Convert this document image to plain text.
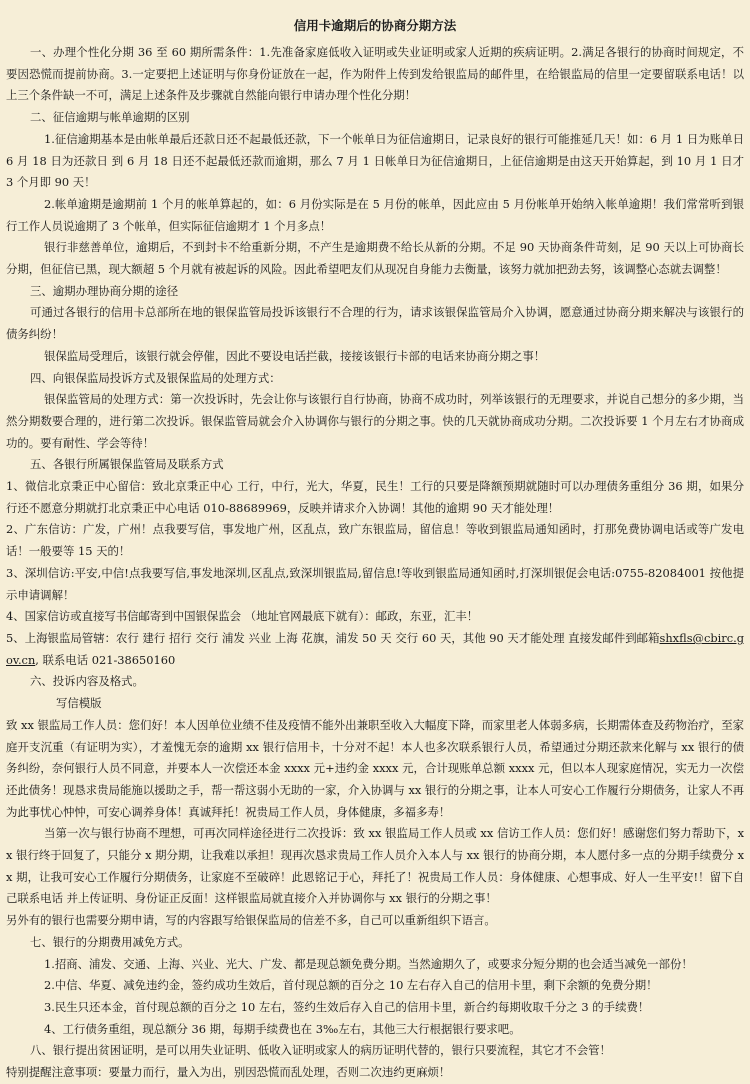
信用卡逾期后的协商分期方法

一、办理个性化分期 36 至 60 期所需条件：1.先准备家庭低收入证明或失业证明或家人近期的疾病证明。2.满足各银行的协商时间规定，不要因恐慌而提前协商。3.一定要把上述证明与你身份证放在一起，作为附件上传到发给银监局的邮件里，在给银监局的信里一定要留联系电话！以上三个条件缺一不可，满足上述条件及步骤就自然能向银行申请办理个性化分期！

二、征信逾期与帐单逾期的区别

1.征信逾期基本是由帐单最后还款日还不起最低还款，下一个帐单日为征信逾期日，记录良好的银行可能推延几天！如：6 月 1 日为账单日 6 月 18 日为还款日 到 6 月 18 日还不起最低还款而逾期，那么 7 月 1 日帐单日为征信逾期日，上征信逾期是由这天开始算起，到 10 月 1 日才 3 个月即 90 天！

2.帐单逾期是逾期前 1 个月的帐单算起的，如：6 月份实际是在 5 月份的帐单，因此应由 5 月份帐单开始纳入帐单逾期！我们常常听到银行工作人员说逾期了 3 个帐单，但实际征信逾期才 1 个月多点！

银行非慈善单位，逾期后，不到封卡不给重新分期，不产生是逾期费不给长从新的分期。不足 90 天协商条件苛刻，足 90 天以上可协商长分期，但征信已黑，现大额超 5 个月就有被起诉的风险。因此希望吧友们从现况自身能力去衡量，该努力就加把劲去努，该调整心态就去调整！

三、逾期办理协商分期的途径

可通过各银行的信用卡总部所在地的银保监管局投诉该银行不合理的行为，请求该银保监管局介入协调，愿意通过协商分期来解决与该银行的债务纠纷！

银保监局受理后，该银行就会停催，因此不要设电话拦截，接接该银行卡部的电话来协商分期之事！

四、向银保监局投诉方式及银保监局的处理方式：

银保监管局的处理方式：第一次投诉时，先会让你与该银行自行协商，协商不成功时，列举该银行的无理要求，并说自己想分的多少期，当然分期数要合理的，进行第二次投诉。银保监管局就会介入协调你与银行的分期之事。快的几天就协商成功分期。二次投诉要 1 个月左右才协商成功的。要有耐性、学会等待！

五、各银行所属银保监管局及联系方式

1、微信北京秉正中心留信：致北京秉正中心 工行，中行，光大，华夏，民生！工行的只要是降额预期就随时可以办理债务重组分 36 期，如果分行还不愿意分期就打北京秉正中心电话 010-88689969，反映并请求介入协调！其他的逾期 90 天才能处理！

2、广东信访：广发，广州！点我要写信，事发地广州，区乱点，致广东银监局，留信息！等收到银监局通知函时，打那免费协调电话或等广发电话！一般要等 15 天的！

3、深圳信访:平安,中信!点我要写信,事发地深圳,区乱点,致深圳银监局,留信息!等收到银监局通知函时,打深圳银促会电话:0755-82084001 按他提示申请调解！

4、国家信访或直接写书信邮寄到中国银保监会 （地址官网最底下就有）：邮政，东亚，汇丰！

5、上海银监局管辖：农行 建行 招行 交行 浦发 兴业 上海 花旗，浦发 50 天 交行 60 天，其他 90 天才能处理 直接发邮件到邮箱shxfls@cbirc.gov.cn, 联系电话 021-38650160

六、投诉内容及格式。

写信模版

致 xx 银监局工作人员：您们好！本人因单位业绩不佳及疫情不能外出兼职至收入大幅度下降，而家里老人体弱多病，长期需体查及药物治疗，至家庭开支沉重（有证明为实），才羞愧无奈的逾期 xx 银行信用卡，十分对不起！本人也多次联系银行人员，希望通过分期还款来化解与 xx 银行的债务纠纷，奈何银行人员不同意，并要本人一次偿还本金 xxxx 元+违约金 xxxx 元，合计现账单总额 xxxx 元，但以本人现家庭情况，实无力一次偿还此债务！现恳求贵局能施以援助之手，帮一帮这弱小无助的一家，介入协调与 xx 银行的分期之事，让本人可安心工作履行分期债务，让家人不再为此事忧心忡忡，可安心调养身体！真诚拜托！祝贵局工作人员，身体健康，多福多寿！

当第一次与银行协商不理想，可再次同样途径进行二次投诉：致 xx 银监局工作人员或 xx 信访工作人员：您们好！感谢您们努力帮助下，xx 银行终于回复了，只能分 x 期分期，让我难以承担！现再次恳求贵局工作人员介入本人与 xx 银行的协商分期，本人愿付多一点的分期手续费分 xx 期，让我可安心工作履行分期债务，让家庭不至破碎！此恩铭记于心，拜托了！祝贵局工作人员：身体健康、心想事成、好人一生平安!！留下自己联系电话 并上传证明、身份证正反面！这样银监局就直接介入并协调你与 xx 银行的分期之事！

另外有的银行也需要分期申请，写的内容跟写给银保监局的信差不多，自己可以重新组织下语言。

七、银行的分期费用减免方式。

1.招商、浦发、交通、上海、兴业、光大、广发、都是现总额免费分期。当然逾期久了，或要求分短分期的也会适当减免一部份！

2.中信、华夏、减免违约金，签约成功生效后，首付现总额的百分之 10 左右存入自己的信用卡里，剩下余额的免费分期！

3.民生只还本金，首付现总额的百分之 10 左右，签约生效后存入自己的信用卡里，新合约每期收取千分之 3 的手续费！

4、工行债务重组，现总额分 36 期，每期手续费也在 3‰左右，其他三大行根据银行要求吧。

八、银行提出贫困证明，是可以用失业证明、低收入证明或家人的病历证明代替的，银行只要流程，其它才不会管！

特别提醒注意事项：要量力而行，量入为出，别因恐慌而乱处理，否则二次违约更麻烦！
